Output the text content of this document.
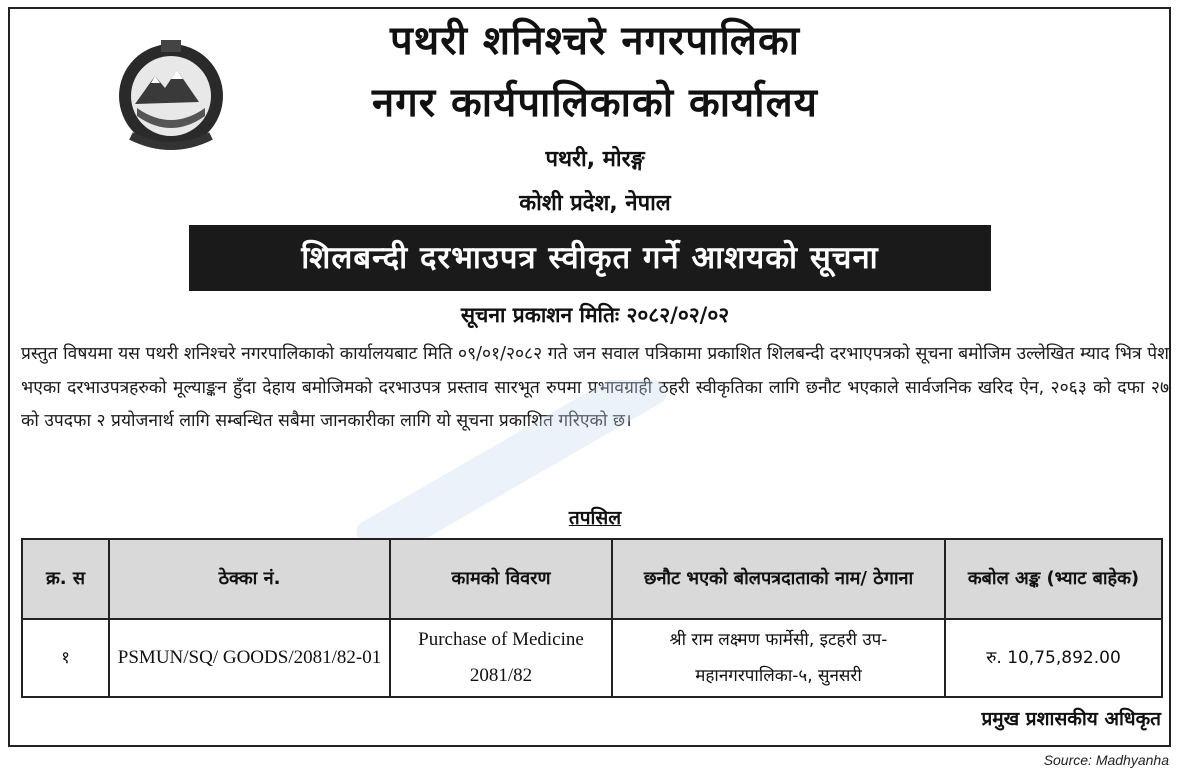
पथरी शनिश्चरे नगरपालिका
नगर कार्यपालिकाको कार्यालय
पथरी, मोरङ्ग
कोशी प्रदेश, नेपाल
शिलबन्दी दरभाउपत्र स्वीकृत गर्ने आशयको सूचना
सूचना प्रकाशन मितिः २०८२/०२/०२
प्रस्तुत विषयमा यस पथरी शनिश्चरे नगरपालिकाको कार्यालयबाट मिति ०९/०१/२०८२ गते जन सवाल पत्रिकामा प्रकाशित शिलबन्दी दरभाएपत्रको सूचना बमोजिम उल्लेखित म्याद भित्र पेश भएका दरभाउपत्रहरुको मूल्याङ्कन हुँदा देहाय बमोजिमको दरभाउपत्र प्रस्ताव सारभूत रुपमा प्रभावग्राही ठहरी स्वीकृतिका लागि छनौट भएकाले सार्वजनिक खरिद ऐन, २०६३ को दफा २७ को उपदफा २ प्रयोजनार्थ लागि सम्बन्धित सबैमा जानकारीका लागि यो सूचना प्रकाशित गरिएको छ।
तपसिल
क्र. स	ठेक्का नं.	कामको विवरण	छनौट भएको बोलपत्रदाताको नाम/ ठेगाना	कबोल अङ्क (भ्याट बाहेक)
१	PSMUN/SQ/ GOODS/2081/82-01	Purchase of Medicine 2081/82	श्री राम लक्ष्मण फार्मेसी, इटहरी उप-महानगरपालिका-५, सुनसरी	रु. 10,75,892.00
प्रमुख प्रशासकीय अधिकृत
Source: Madhyanha
